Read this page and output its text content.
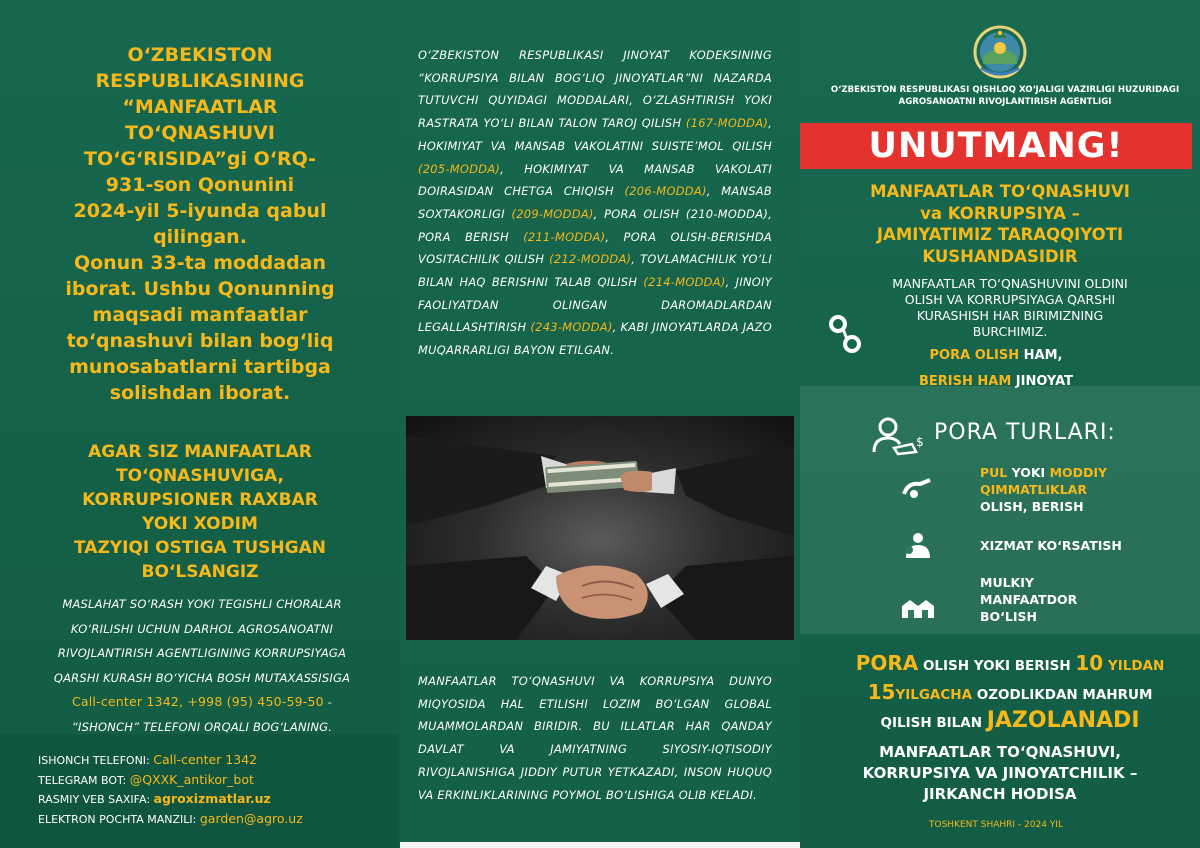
O‘ZBEKISTON
RESPUBLIKASINING
“MANFAATLAR
TO‘QNASHUVI
TO‘G‘RISIDA”gi O‘RQ-
931-son Qonunini
2024-yil 5-iyunda qabul
qilingan.
Qonun 33-ta moddadan
iborat. Ushbu Qonunning
maqsadi manfaatlar
to‘qnashuvi bilan bog‘liq
munosabatlarni tartibga
solishdan iborat.
AGAR SIZ MANFAATLAR
TO‘QNASHUVIGA,
KORRUPSIONER RAXBAR
YOKI XODIM
TAZYIQI OSTIGA TUSHGAN
BO‘LSANGIZ
MASLAHAT SO‘RASH YOKI TEGISHLI CHORALAR
KO‘RILISHI UCHUN DARHOL AGROSANOATNI
RIVOJLANTIRISH AGENTLIGINING KORRUPSIYAGA
QARSHI KURASH BO‘YICHA BOSH MUTAXASSISIGA
Call-center 1342, +998 (95) 450-59-50 -
“ISHONCH” TELEFONI ORQALI BOG‘LANING.
ISHONCH TELEFONI: Call-center 1342
TELEGRAM BOT: @QXXK_antikor_bot
RASMIY VEB SAXIFA: agroxizmatlar.uz
ELEKTRON POCHTA MANZILI: garden@agro.uz
O‘ZBEKISTON RESPUBLIKASI JINOYAT KODEKSINING “KORRUPSIYA BILAN BOG‘LIQ JINOYATLAR”NI NAZARDA TUTUVCHI QUYIDAGI MODDALARI, O‘ZLASHTIRISH YOKI RASTRATA YO‘LI BILAN TALON TAROJ QILISH (167-MODDA), HOKIMIYAT VA MANSAB VAKOLATINI SUISTE’MOL QILISH (205-MODDA), HOKIMIYAT VA MANSAB VAKOLATI DOIRASIDAN CHETGA CHIQISH (206-MODDA), MANSAB SOXTAKORLIGI (209-MODDA), PORA OLISH (210-MODDA), PORA BERISH (211-MODDA), PORA OLISH-BERISHDA VOSITACHILIK QILISH (212-MODDA), TOVLAMACHILIK YO‘LI BILAN HAQ BERISHNI TALAB QILISH (214-MODDA), JINOIY FAOLIYATDAN OLINGAN DAROMADLARDAN LEGALLASHTIRISH (243-MODDA), KABI JINOYATLARDA JAZO MUQARRARLIGI BAYON ETILGAN.
MANFAATLAR TO‘QNASHUVI VA KORRUPSIYA DUNYO MIQYOSIDA HAL ETILISHI LOZIM BO‘LGAN GLOBAL MUAMMOLARDAN BIRIDIR. BU ILLATLAR HAR QANDAY DAVLAT VA JAMIYATNING SIYOSIY-IQTISODIY RIVOJLANISHIGA JIDDIY PUTUR YETKAZADI, INSON HUQUQ VA ERKINLIKLARINING POYMOL BO‘LISHIGA OLIB KELADI.
O‘ZBEKISTON RESPUBLIKASI QISHLOQ XO‘JALIGI VAZIRLIGI HUZURIDAGI
AGROSANOATNI RIVOJLANTIRISH AGENTLIGI
UNUTMANG!
MANFAATLAR TO‘QNASHUVI
va KORRUPSIYA –
JAMIYATIMIZ TARAQQIYOTI
KUSHANDASIDIR
MANFAATLAR TO‘QNASHUVINI OLDINI
OLISH VA KORRUPSIYAGA QARSHI
KURASHISH HAR BIRIMIZNING
BURCHIMIZ.
PORA OLISH HAM,
BERISH HAM JINOYAT
$ PORA TURLARI:
PUL YOKI MODDIY
QIMMATLIKLAR
OLISH, BERISH
XIZMAT KO‘RSATISH
MULKIY
MANFAATDOR
BO‘LISH
PORA OLISH YOKI BERISH 10 YILDAN
15YILGACHA OZODLIKDAN MAHRUM
QILISH BILAN JAZOLANADI
MANFAATLAR TO‘QNASHUVI,
KORRUPSIYA VA JINOYATCHILIK –
JIRKANCH HODISA
TOSHKENT SHAHRI - 2024 YIL
